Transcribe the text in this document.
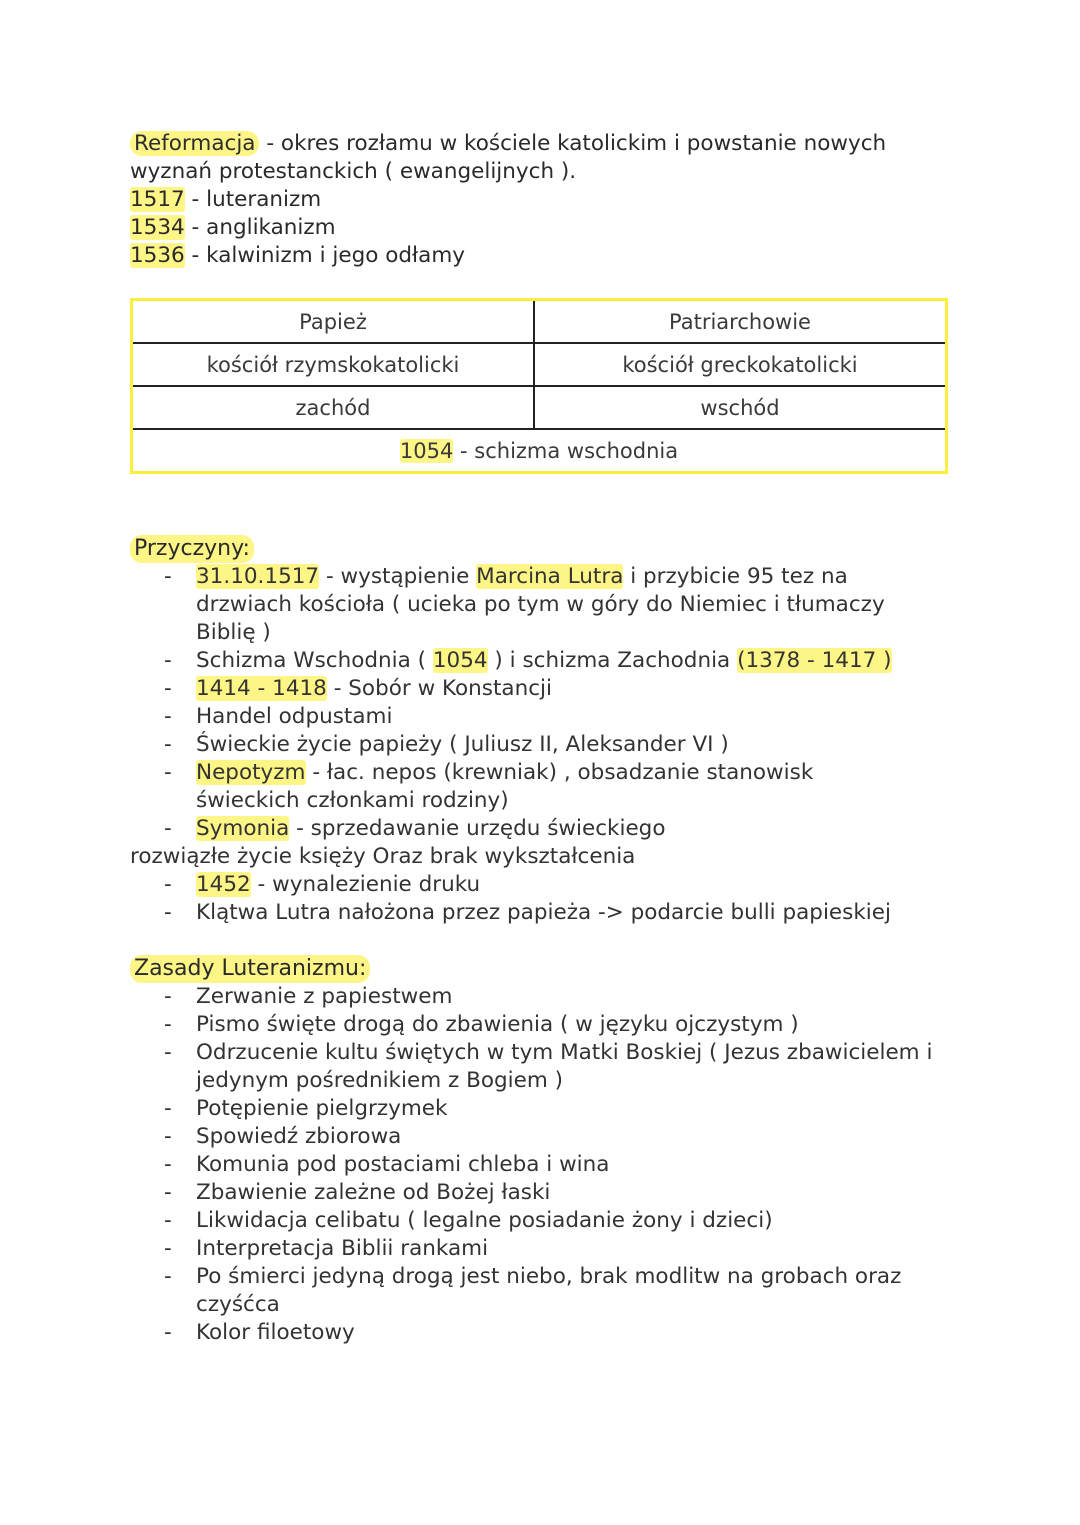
Reformacja - okres rozłamu w kościele katolickim i powstanie nowych
wyznań protestanckich ( ewangelijnych ).
1517 - luteranizm
1534 - anglikanizm
1536 - kalwinizm i jego odłamy
Papież	Patriarchowie
kościół rzymskokatolicki	kościół greckokatolicki
zachód	wschód
1054 - schizma wschodnia	
Przyczyny:
- 31.10.1517 - wystąpienie Marcina Lutra i przybicie 95 tez na drzwiach kościoła ( ucieka po tym w góry do Niemiec i tłumaczy Biblię )
- Schizma Wschodnia ( 1054 ) i schizma Zachodnia (1378 - 1417 )
- 1414 - 1418 - Sobór w Konstancji
- Handel odpustami
- Świeckie życie papieży ( Juliusz II, Aleksander VI )
- Nepotyzm - łac. nepos (krewniak) , obsadzanie stanowisk świeckich członkami rodziny)
- Symonia - sprzedawanie urzędu świeckiego
rozwiązłe życie księży Oraz brak wykształcenia
- 1452 - wynalezienie druku
- Klątwa Lutra nałożona przez papieża -> podarcie bulli papieskiej
Zasady Luteranizmu:
- Zerwanie z papiestwem
- Pismo święte drogą do zbawienia ( w języku ojczystym )
- Odrzucenie kultu świętych w tym Matki Boskiej ( Jezus zbawicielem i jedynym pośrednikiem z Bogiem )
- Potępienie pielgrzymek
- Spowiedź zbiorowa
- Komunia pod postaciami chleba i wina
- Zbawienie zależne od Bożej łaski
- Likwidacja celibatu ( legalne posiadanie żony i dzieci)
- Interpretacja Biblii rankami
- Po śmierci jedyną drogą jest niebo, brak modlitw na grobach oraz czyśćca
- Kolor filoetowy
